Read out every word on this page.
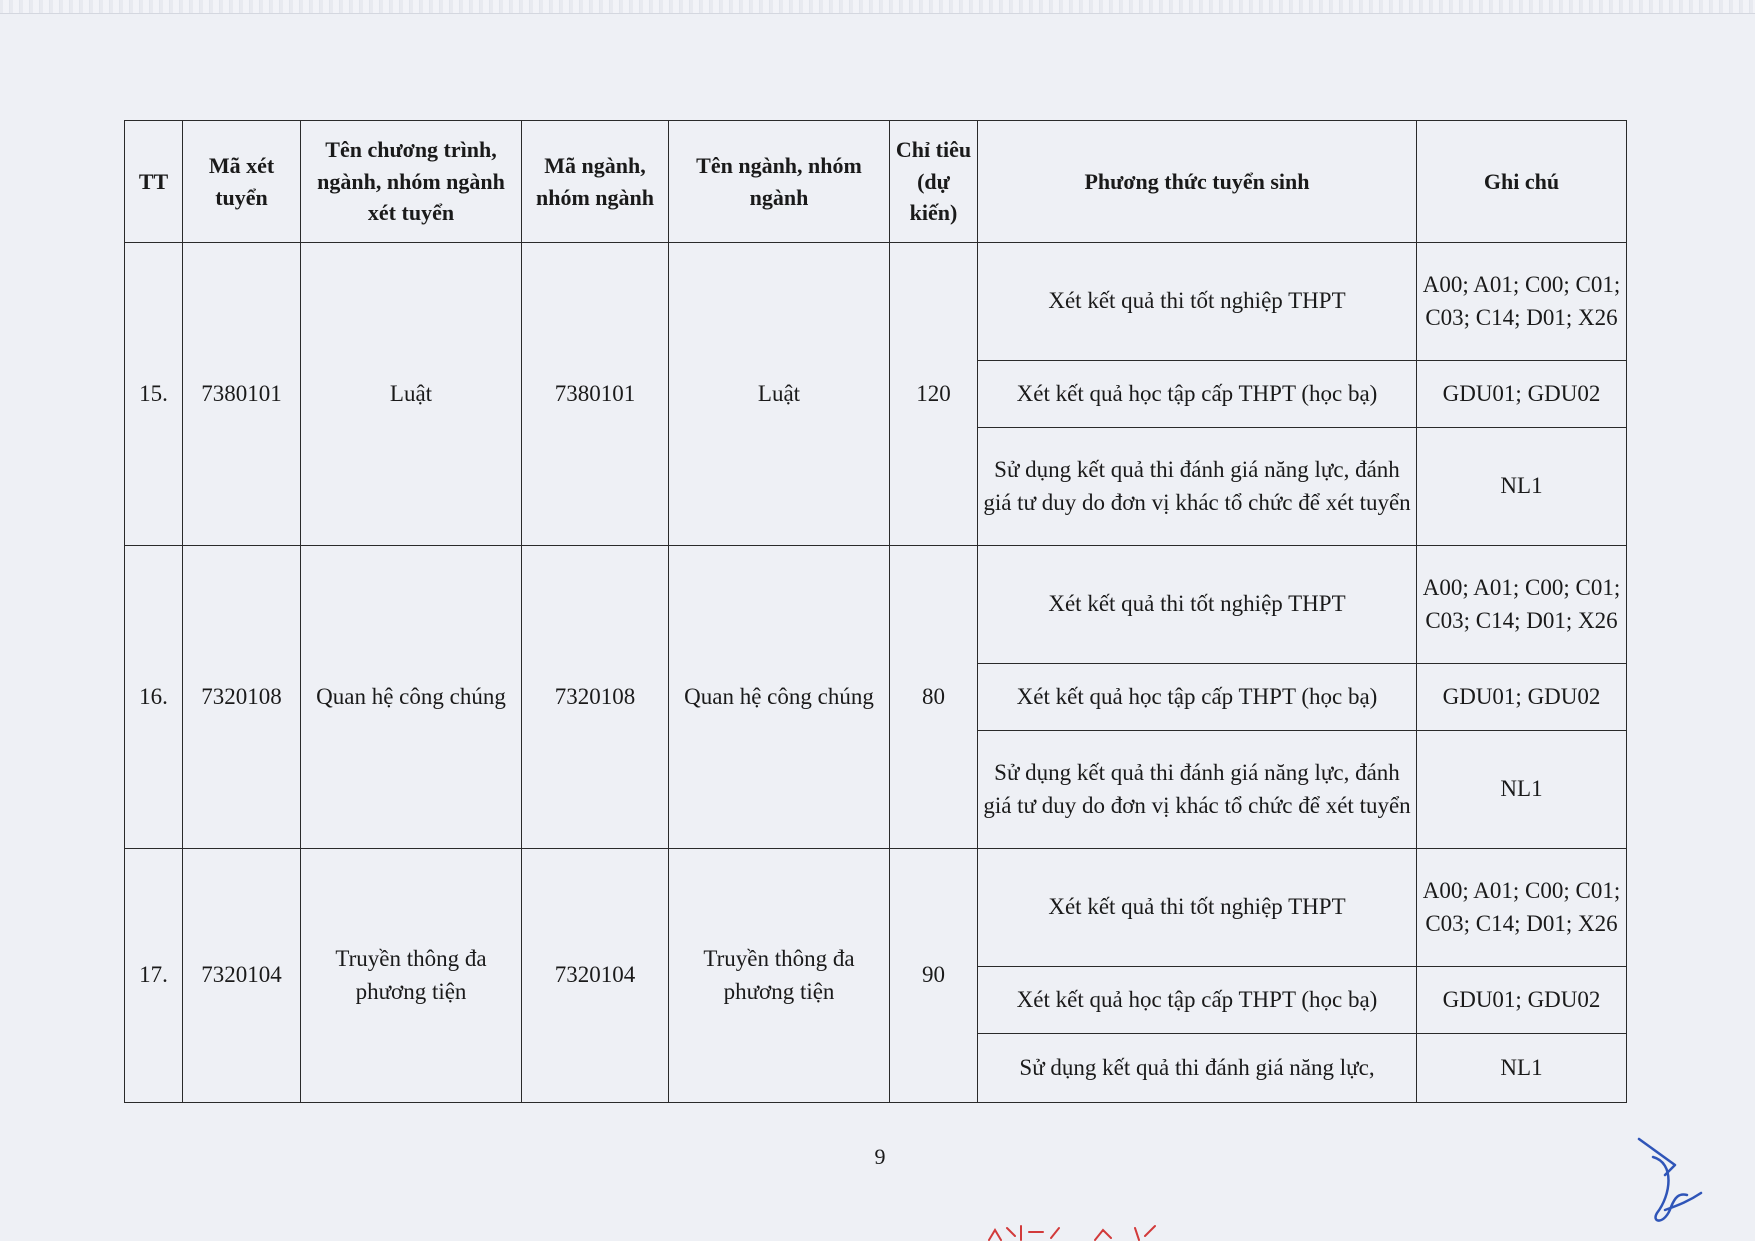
TT	Mã xét tuyển	Tên chương trình, ngành, nhóm ngành xét tuyển	Mã ngành, nhóm ngành	Tên ngành, nhóm ngành	Chỉ tiêu (dự kiến)	Phương thức tuyển sinh	Ghi chú
15.	7380101	Luật	7380101	Luật	120	Xét kết quả thi tốt nghiệp THPT	A00; A01; C00; C01; C03; C14; D01; X26
						Xét kết quả học tập cấp THPT (học bạ)	GDU01; GDU02
						Sử dụng kết quả thi đánh giá năng lực, đánh giá tư duy do đơn vị khác tổ chức để xét tuyển	NL1
16.	7320108	Quan hệ công chúng	7320108	Quan hệ công chúng	80	Xét kết quả thi tốt nghiệp THPT	A00; A01; C00; C01; C03; C14; D01; X26
						Xét kết quả học tập cấp THPT (học bạ)	GDU01; GDU02
						Sử dụng kết quả thi đánh giá năng lực, đánh giá tư duy do đơn vị khác tổ chức để xét tuyển	NL1
17.	7320104	Truyền thông đa phương tiện	7320104	Truyền thông đa phương tiện	90	Xét kết quả thi tốt nghiệp THPT	A00; A01; C00; C01; C03; C14; D01; X26
						Xét kết quả học tập cấp THPT (học bạ)	GDU01; GDU02
						Sử dụng kết quả thi đánh giá năng lực,	NL1
9
